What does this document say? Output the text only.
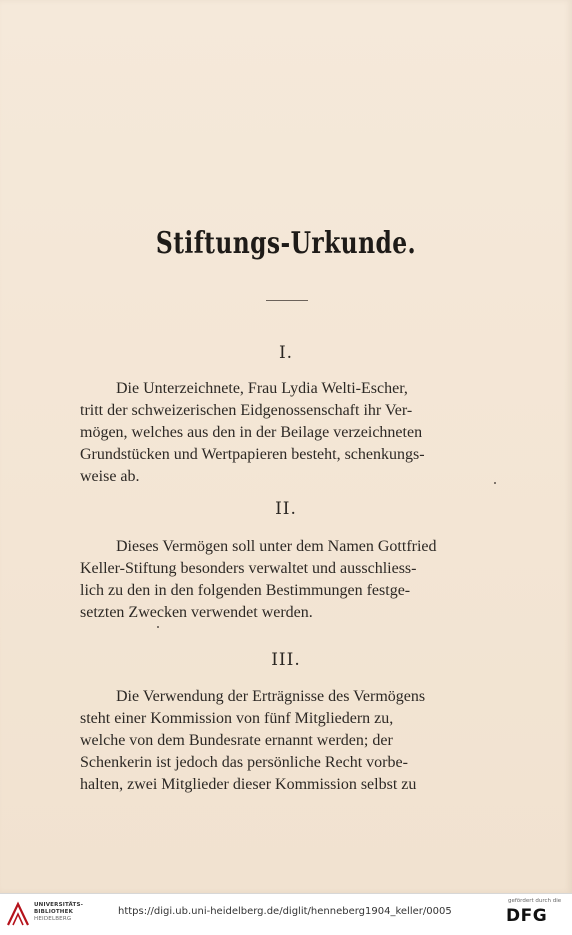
Stiftungs-Urkunde.
I.
Die Unterzeichnete, Frau Lydia Welti-Escher,
tritt der schweizerischen Eidgenossenschaft ihr Ver-
mögen, welches aus den in der Beilage verzeichneten
Grundstücken und Wertpapieren besteht, schenkungs-
weise ab.
II.
Dieses Vermögen soll unter dem Namen Gottfried
Keller-Stiftung besonders verwaltet und ausschliess-
lich zu den in den folgenden Bestimmungen festge-
setzten Zwecken verwendet werden.
III.
Die Verwendung der Erträgnisse des Vermögens
steht einer Kommission von fünf Mitgliedern zu,
welche von dem Bundesrate ernannt werden; der
Schenkerin ist jedoch das persönliche Recht vorbe-
halten, zwei Mitglieder dieser Kommission selbst zu
UNIVERSITÄTS-
BIBLIOTHEK
HEIDELBERG
https://digi.ub.uni-heidelberg.de/diglit/henneberg1904_keller/0005
gefördert durch die
DFG
